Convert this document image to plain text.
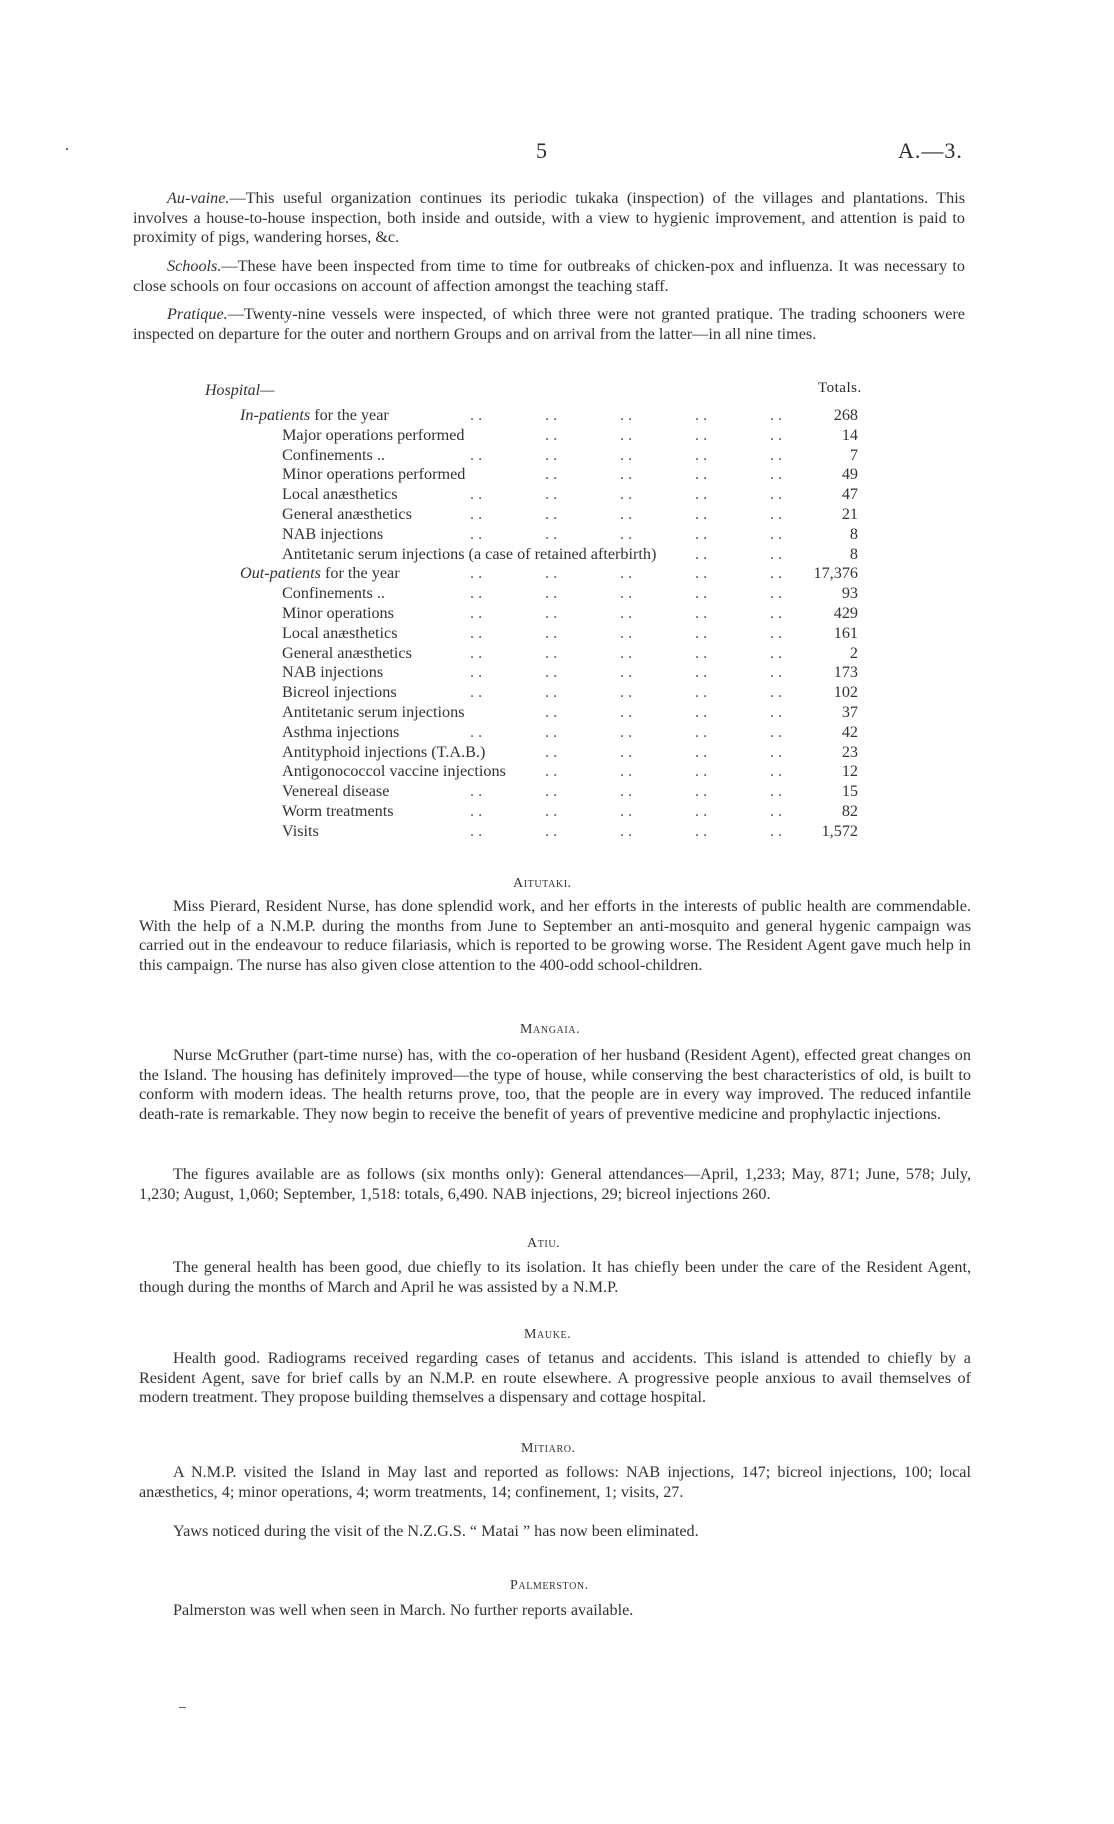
5	A.—3.
Au-vaine.—This useful organization continues its periodic tukaka (inspection) of the villages and plantations. This involves a house-to-house inspection, both inside and outside, with a view to hygienic improvement, and attention is paid to proximity of pigs, wandering horses, &c.
Schools.—These have been inspected from time to time for outbreaks of chicken-pox and influenza. It was necessary to close schools on four occasions on account of affection amongst the teaching staff.
Pratique.—Twenty-nine vessels were inspected, of which three were not granted pratique. The trading schooners were inspected on departure for the outer and northern Groups and on arrival from the latter—in all nine times.
Hospital—	Totals.
In-patients for the year	. .	. .	. .	. .	. .	268
Major operations performed	. .	. .	. .	. .	14
Confinements ..	. .	. .	. .	. .	. .	7
Minor operations performed	. .	. .	. .	. .	49
Local anæsthetics	. .	. .	. .	. .	. .	47
General anæsthetics	. .	. .	. .	. .	. .	21
NAB injections	. .	. .	. .	. .	. .	8
Antitetanic serum injections (a case of retained afterbirth) . .	. .	8
Out-patients for the year	. .	. .	. .	. .	. . 17,376
Confinements ..	. .	. .	. .	. .	. .	93
Minor operations	. .	. .	. .	. .	. .	429
Local anæsthetics	. .	. .	. .	. .	. .	161
General anæsthetics	. .	. .	. .	. .	. .	2
NAB injections	. .	. .	. .	. .	. .	173
Bicreol injections	. .	. .	. .	. .	. .	102
Antitetanic serum injections	. .	. .	. .	. .	37
Asthma injections	. .	. .	. .	. .	. .	42
Antityphoid injections (T.A.B.)	. .	. .	. .	. .	23
Antigonococcol vaccine injections . .	. .	. .	. .	12
Venereal disease	. .	. .	. .	. .	. .	15
Worm treatments	. .	. .	. .	. .	. .	82
Visits	. .	. .	. .	. .	. . 1,572
Aitutaki.
Miss Pierard, Resident Nurse, has done splendid work, and her efforts in the interests of public health are commendable. With the help of a N.M.P. during the months from June to September an anti-mosquito and general hygenic campaign was carried out in the endeavour to reduce filariasis, which is reported to be growing worse. The Resident Agent gave much help in this campaign. The nurse has also given close attention to the 400-odd school-children.
Mangaia.
Nurse McGruther (part-time nurse) has, with the co-operation of her husband (Resident Agent), effected great changes on the Island. The housing has definitely improved—the type of house, while conserving the best characteristics of old, is built to conform with modern ideas. The health returns prove, too, that the people are in every way improved. The reduced infantile death-rate is remarkable. They now begin to receive the benefit of years of preventive medicine and prophylactic injections.
The figures available are as follows (six months only): General attendances—April, 1,233; May, 871; June, 578; July, 1,230; August, 1,060; September, 1,518: totals, 6,490. NAB injections, 29; bicreol injections 260.
Atiu.
The general health has been good, due chiefly to its isolation. It has chiefly been under the care of the Resident Agent, though during the months of March and April he was assisted by a N.M.P.
Mauke.
Health good. Radiograms received regarding cases of tetanus and accidents. This island is attended to chiefly by a Resident Agent, save for brief calls by an N.M.P. en route elsewhere. A progressive people anxious to avail themselves of modern treatment. They propose building themselves a dispensary and cottage hospital.
Mitiaro.
A N.M.P. visited the Island in May last and reported as follows: NAB injections, 147; bicreol injections, 100; local anæsthetics, 4; minor operations, 4; worm treatments, 14; confinement, 1; visits, 27.
Yaws noticed during the visit of the N.Z.G.S. “ Matai ” has now been eliminated.
Palmerston.
Palmerston was well when seen in March. No further reports available.
